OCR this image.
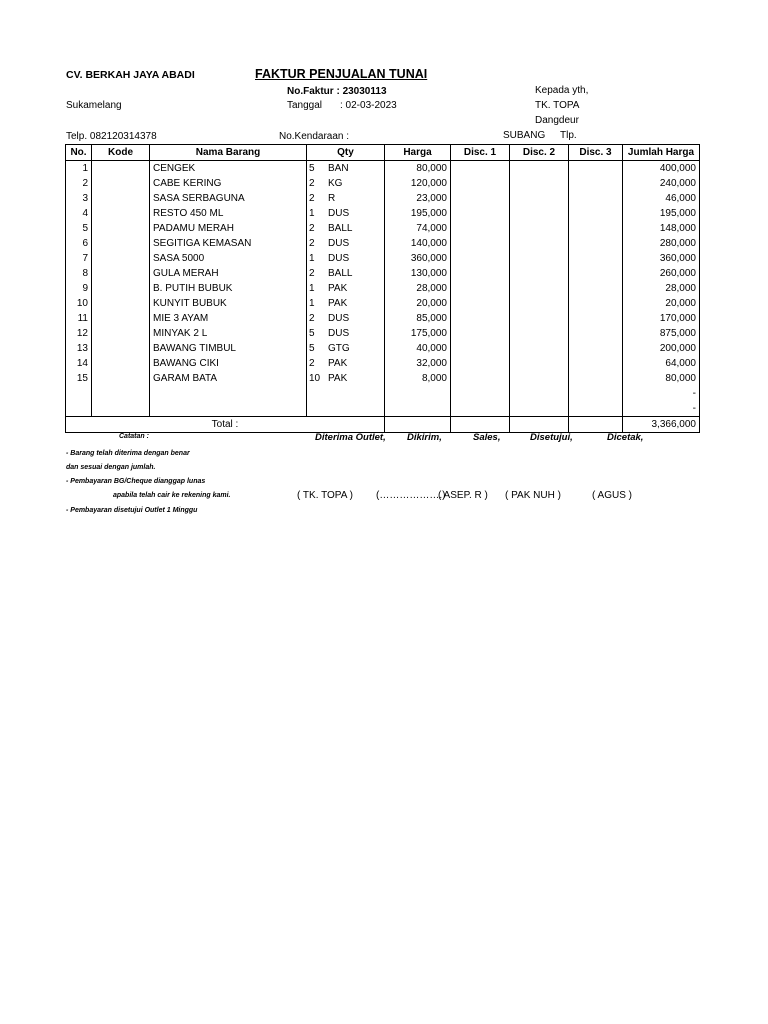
CV. BERKAH JAYA ABADI	FAKTUR PENJUALAN TUNAI
No.Faktur : 23030113
Tanggal : 02-03-2023
Sukamelang
Telp. 082120314378	No.Kendaraan :
Kepada yth,
TK. TOPA
Dangdeur
SUBANG Tlp.
No.	Kode	Nama Barang	Qty	Harga	Disc. 1	Disc. 2	Disc. 3	Jumlah Harga
1		CENGEK	5 BAN	80,000				400,000
2		CABE KERING	2 KG	120,000				240,000
3		SASA SERBAGUNA	2 R	23,000				46,000
4		RESTO 450 ML	1 DUS	195,000				195,000
5		PADAMU MERAH	2 BALL	74,000				148,000
6		SEGITIGA KEMASAN	2 DUS	140,000				280,000
7		SASA 5000	1 DUS	360,000				360,000
8		GULA MERAH	2 BALL	130,000				260,000
9		B. PUTIH BUBUK	1 PAK	28,000				28,000
10		KUNYIT BUBUK	1 PAK	20,000				20,000
11		MIE 3 AYAM	2 DUS	85,000				170,000
12		MINYAK 2 L	5 DUS	175,000				875,000
13		BAWANG TIMBUL	5 GTG	40,000				200,000
14		BAWANG CIKI	2 PAK	32,000				64,000
15		GARAM BATA	10 PAK	8,000				80,000
								-
								-
Total :								3,366,000
Catatan :	Diterima Outlet, Dikirim,	Sales,	Disetujui,	Dicetak,
- Barang telah diterima dengan benar
dan sesuai dengan jumlah.
- Pembayaran BG/Cheque dianggap lunas
apabila telah cair ke rekening kami.
- Pembayaran disetujui Outlet 1 Minggu
( TK. TOPA ) (……………….)
( ASEP. R ) ( PAK NUH )	( AGUS )
